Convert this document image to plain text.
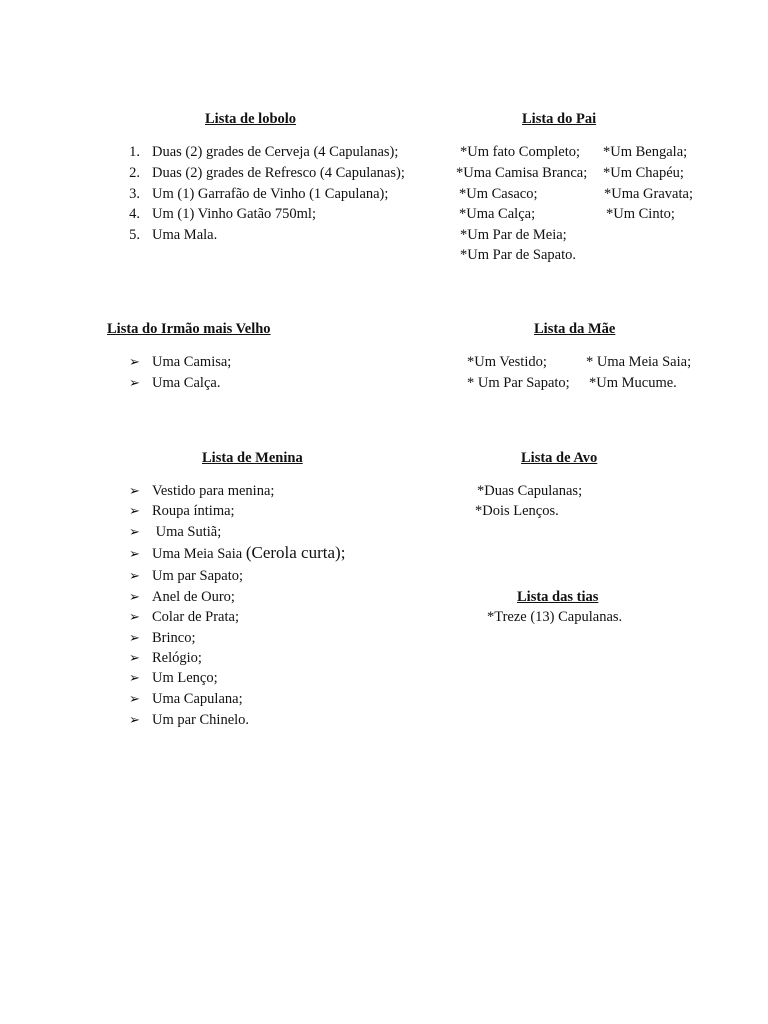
Lista de lobolo
1. Duas (2) grades de Cerveja (4 Capulanas);
2. Duas (2) grades de Refresco (4 Capulanas);
3. Um (1) Garrafão de Vinho (1 Capulana);
4. Um (1) Vinho Gatão 750ml;
5. Uma Mala.
Lista do Pai
*Um fato Completo;
*Uma Camisa Branca;
*Um Casaco;
*Uma Calça;
*Um Par de Meia;
*Um Par de Sapato.
*Um Bengala;
*Um Chapéu;
*Uma Gravata;
*Um Cinto;
Lista do Irmão mais Velho
➢ Uma Camisa;
➢ Uma Calça.
Lista da Mãe
*Um Vestido;
* Um Par Sapato;
* Uma Meia Saia;
*Um Mucume.
Lista de Menina
➢ Vestido para menina;
➢ Roupa íntima;
➢ Uma Sutiã;
➢ Uma Meia Saia (Cerola curta);
➢ Um par Sapato;
➢ Anel de Ouro;
➢ Colar de Prata;
➢ Brinco;
➢ Relógio;
➢ Um Lenço;
➢ Uma Capulana;
➢ Um par Chinelo.
Lista de Avo
*Duas Capulanas;
*Dois Lenços.
Lista das tias
*Treze (13) Capulanas.
